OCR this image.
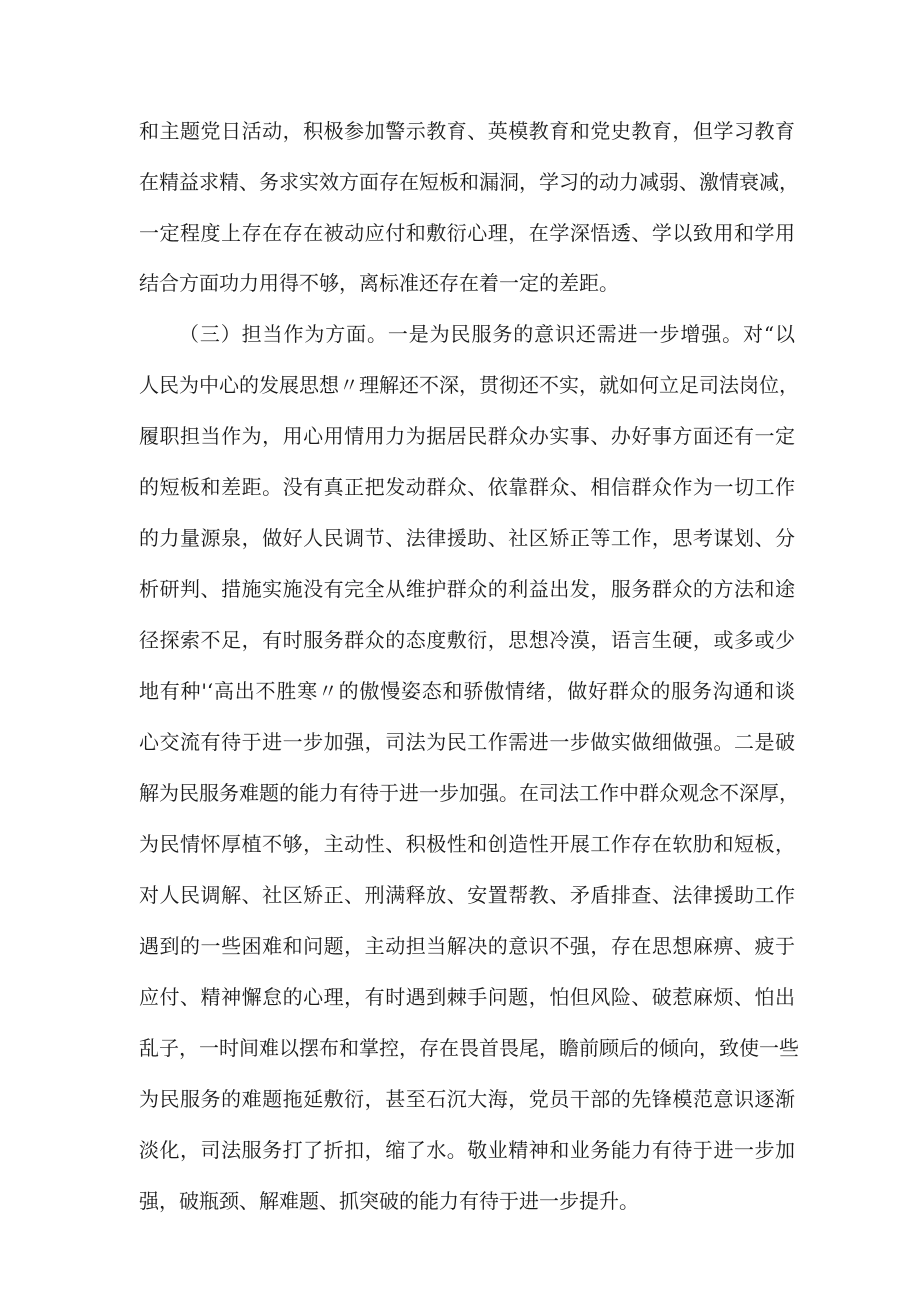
和主题党日活动，积极参加警示教育、英模教育和党史教育，但学习教育
在精益求精、务求实效方面存在短板和漏洞，学习的动力减弱、激情衰减，
一定程度上存在存在被动应付和敷衍心理，在学深悟透、学以致用和学用
结合方面功力用得不够，离标准还存在着一定的差距。
（三）担当作为方面。一是为民服务的意识还需进一步增强。对“以
人民为中心的发展思想〃理解还不深，贯彻还不实，就如何立足司法岗位，
履职担当作为，用心用情用力为据居民群众办实事、办好事方面还有一定
的短板和差距。没有真正把发动群众、依靠群众、相信群众作为一切工作
的力量源泉，做好人民调节、法律援助、社区矫正等工作，思考谋划、分
析研判、措施实施没有完全从维护群众的利益出发，服务群众的方法和途
径探索不足，有时服务群众的态度敷衍，思想冷漠，语言生硬，或多或少
地有种'‘高出不胜寒〃的傲慢姿态和骄傲情绪，做好群众的服务沟通和谈
心交流有待于进一步加强，司法为民工作需进一步做实做细做强。二是破
解为民服务难题的能力有待于进一步加强。在司法工作中群众观念不深厚，
为民情怀厚植不够，主动性、积极性和创造性开展工作存在软肋和短板，
对人民调解、社区矫正、刑满释放、安置帮教、矛盾排查、法律援助工作
遇到的一些困难和问题，主动担当解决的意识不强，存在思想麻痹、疲于
应付、精神懈怠的心理，有时遇到棘手问题，怕但风险、破惹麻烦、怕出
乱子，一时间难以摆布和掌控，存在畏首畏尾，瞻前顾后的倾向，致使一些
为民服务的难题拖延敷衍，甚至石沉大海，党员干部的先锋模范意识逐渐
淡化，司法服务打了折扣，缩了水。敬业精神和业务能力有待于进一步加
强，破瓶颈、解难题、抓突破的能力有待于进一步提升。
